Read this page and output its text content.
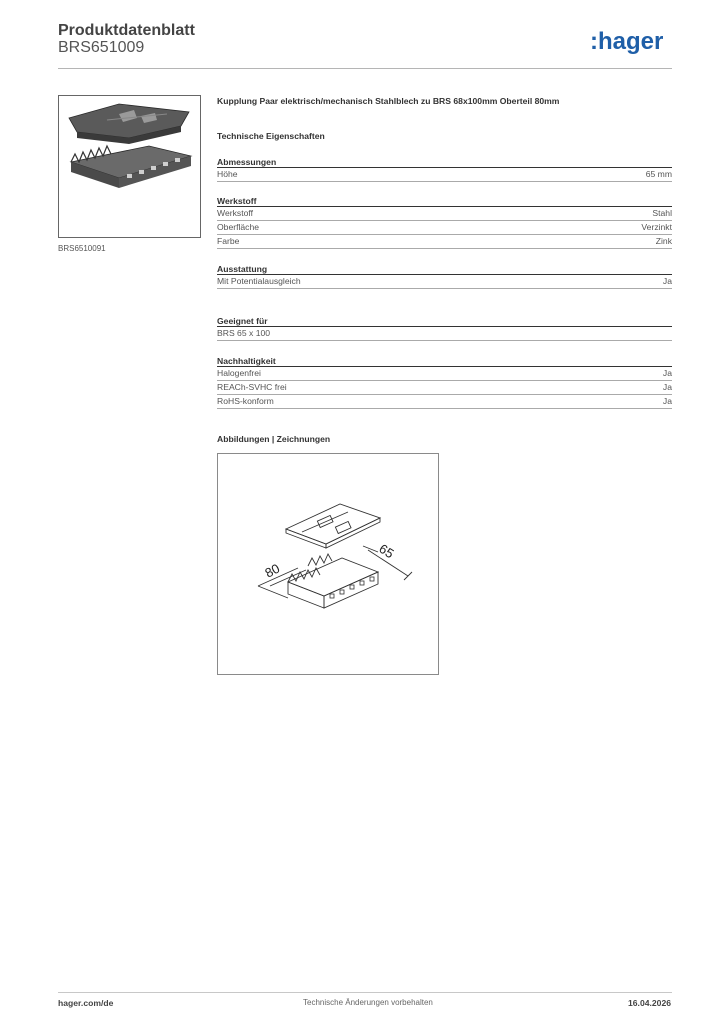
Produktdatenblatt
BRS651009	:hager
BRS6510091
Kupplung Paar elektrisch/mechanisch Stahlblech zu BRS 68x100mm Oberteil 80mm
Technische Eigenschaften
Abmessungen
Höhe	65 mm
Werkstoff
Werkstoff	Stahl
Oberfläche	Verzinkt
Farbe	Zink
Ausstattung
Mit Potentialausgleich	Ja
Geeignet für
BRS 65 x 100
Nachhaltigkeit
Halogenfrei	Ja
REACh-SVHC frei	Ja
RoHS-konform	Ja
Abbildungen | Zeichnungen
80
65
hager.com/de	Technische Änderungen vorbehalten	16.04.2026
